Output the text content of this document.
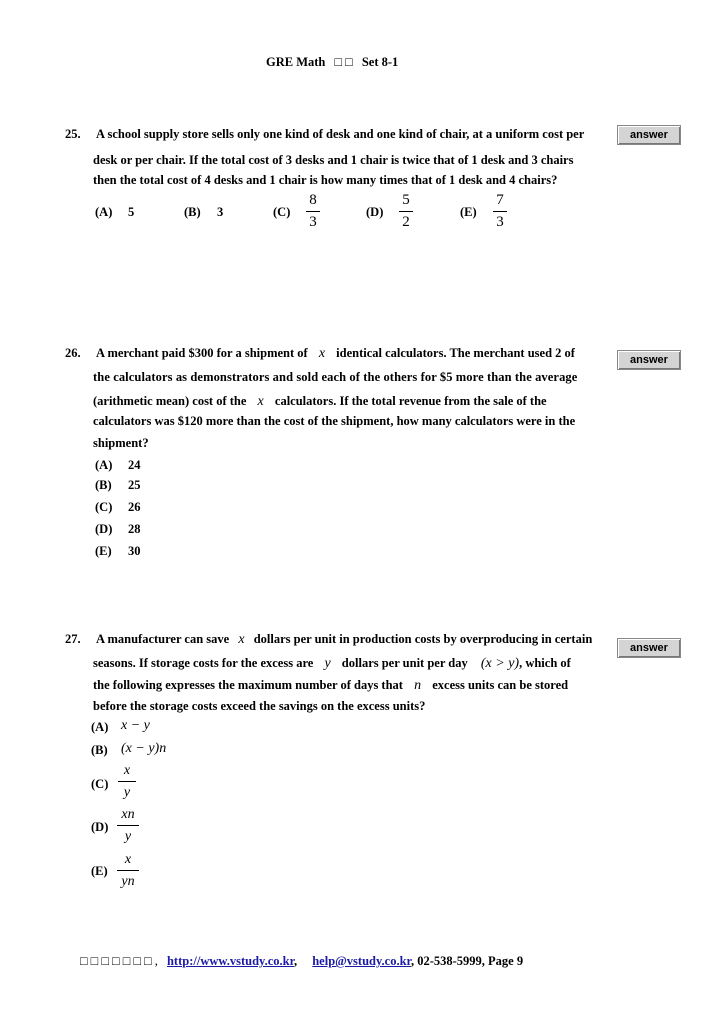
GRE Math □ □ Set 8-1
25. A school supply store sells only one kind of desk and one kind of chair, at a uniform cost per
desk or per chair. If the total cost of 3 desks and 1 chair is twice that of 1 desk and 3 chairs
then the total cost of 4 desks and 1 chair is how many times that of 1 desk and 4 chairs?
answer
(A) 5	(B) 3	(C)
8
3
(D)
5
2
(E)
7
3
26. A merchant paid $300 for a shipment of x identical calculators. The merchant used 2 of	answer
the calculators as demonstrators and sold each of the others for $5 more than the average
(arithmetic mean) cost of the x calculators. If the total revenue from the sale of the
calculators was $120 more than the cost of the shipment, how many calculators were in the
shipment?
(A) 24
(B) 25
(C) 26
(D) 28
(E) 30
27. A manufacturer can save x dollars per unit in production costs by overproducing in certain
answer
seasons. If storage costs for the excess are y dollars per unit per day (x > y), which of
the following expresses the maximum number of days that n excess units can be stored
before the storage costs exceed the savings on the excess units?
(A) x − y
(B) (x − y)n
(C)
x
y
(D)
xn
y
(E)
x
yn
□ □ □ □ □ □ □ , http://www.vstudy.co.kr, help@vstudy.co.kr, 02-538-5999, Page 9
